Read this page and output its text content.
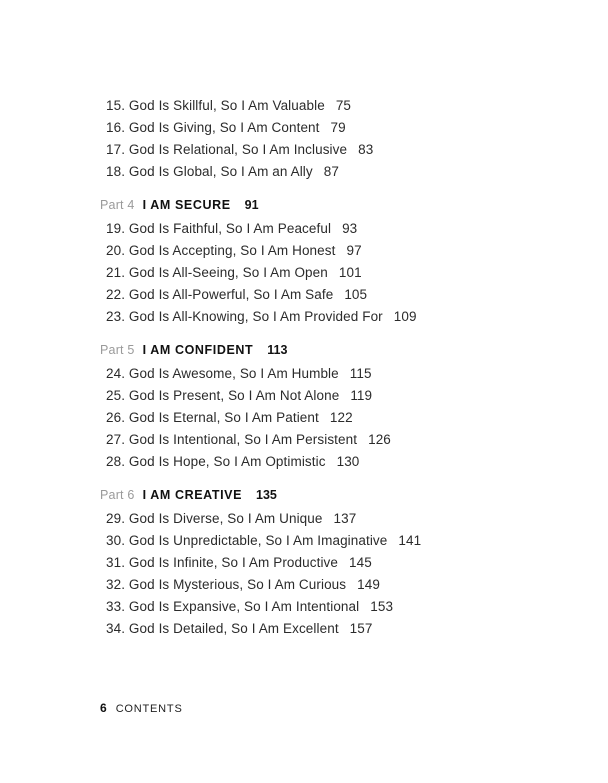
15. God Is Skillful, So I Am Valuable 75
16. God Is Giving, So I Am Content 79
17. God Is Relational, So I Am Inclusive 83
18. God Is Global, So I Am an Ally 87
Part 4 I AM SECURE 91
19. God Is Faithful, So I Am Peaceful 93
20. God Is Accepting, So I Am Honest 97
21. God Is All-Seeing, So I Am Open 101
22. God Is All-Powerful, So I Am Safe 105
23. God Is All-Knowing, So I Am Provided For 109
Part 5 I AM CONFIDENT 113
24. God Is Awesome, So I Am Humble 115
25. God Is Present, So I Am Not Alone 119
26. God Is Eternal, So I Am Patient 122
27. God Is Intentional, So I Am Persistent 126
28. God Is Hope, So I Am Optimistic 130
Part 6 I AM CREATIVE 135
29. God Is Diverse, So I Am Unique 137
30. God Is Unpredictable, So I Am Imaginative 141
31. God Is Infinite, So I Am Productive 145
32. God Is Mysterious, So I Am Curious 149
33. God Is Expansive, So I Am Intentional 153
34. God Is Detailed, So I Am Excellent 157
6 CONTENTS
